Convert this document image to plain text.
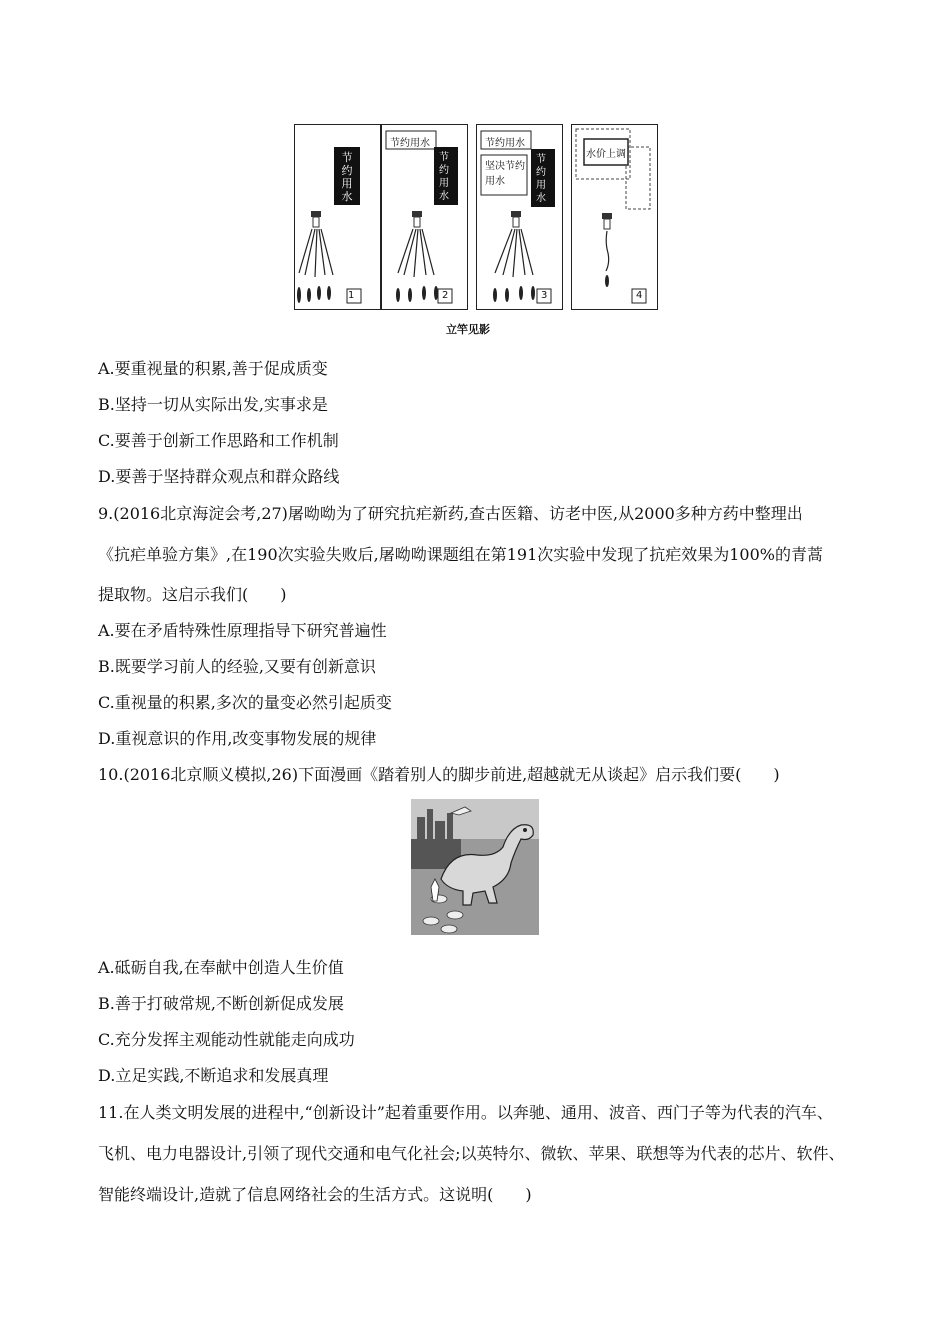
节约用水
1
节约用水
节约用水
2
节约用水
坚决节约用水
节约用水
3
水价上调
4
立竿见影
A.要重视量的积累,善于促成质变
B.坚持一切从实际出发,实事求是
C.要善于创新工作思路和工作机制
D.要善于坚持群众观点和群众路线
9.(2016北京海淀会考,27)屠呦呦为了研究抗疟新药,查古医籍、访老中医,从2000多种方药中整理出
《抗疟单验方集》,在190次实验失败后,屠呦呦课题组在第191次实验中发现了抗疟效果为100%的青蒿
提取物。这启示我们(　　)
A.要在矛盾特殊性原理指导下研究普遍性
B.既要学习前人的经验,又要有创新意识
C.重视量的积累,多次的量变必然引起质变
D.重视意识的作用,改变事物发展的规律
10.(2016北京顺义模拟,26)下面漫画《踏着别人的脚步前进,超越就无从谈起》启示我们要(　　)
A.砥砺自我,在奉献中创造人生价值
B.善于打破常规,不断创新促成发展
C.充分发挥主观能动性就能走向成功
D.立足实践,不断追求和发展真理
11.在人类文明发展的进程中,“创新设计”起着重要作用。以奔驰、通用、波音、西门子等为代表的汽车、
飞机、电力电器设计,引领了现代交通和电气化社会;以英特尔、微软、苹果、联想等为代表的芯片、软件、
智能终端设计,造就了信息网络社会的生活方式。这说明(　　)
